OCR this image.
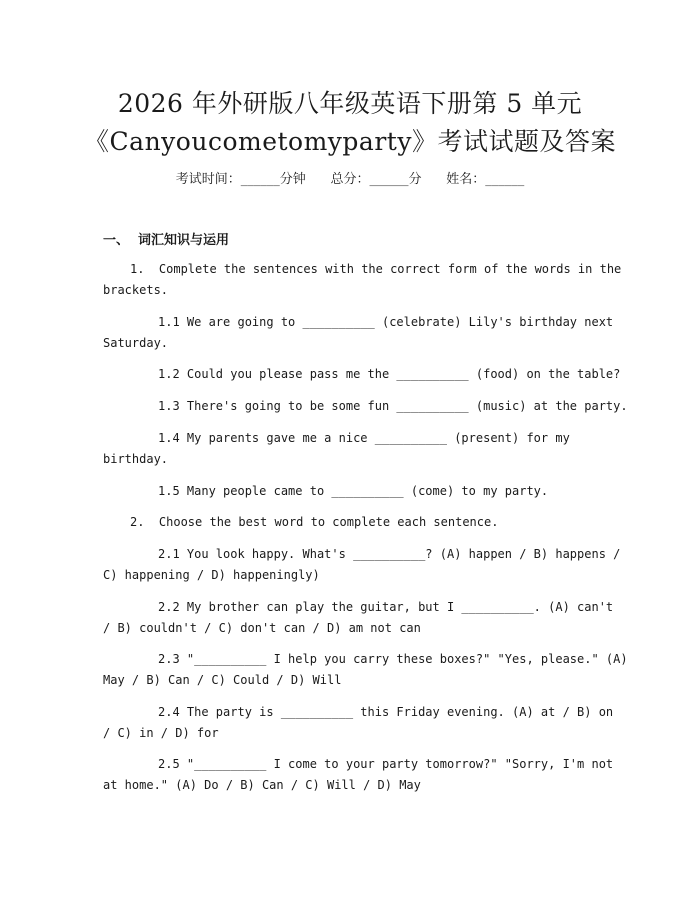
2026 年外研版八年级英语下册第 5 单元
《Canyoucometomyparty》考试试题及答案
考试时间：______分钟      总分：______分      姓名：______
一、  词汇知识与运用
1.  Complete the sentences with the correct form of the words in the
brackets.
1.1 We are going to __________ (celebrate) Lily's birthday next
Saturday.
1.2 Could you please pass me the __________ (food) on the table?
1.3 There's going to be some fun __________ (music) at the party.
1.4 My parents gave me a nice __________ (present) for my
birthday.
1.5 Many people came to __________ (come) to my party.
2.  Choose the best word to complete each sentence.
2.1 You look happy. What's __________? (A) happen / B) happens /
C) happening / D) happeningly)
2.2 My brother can play the guitar, but I __________. (A) can't
/ B) couldn't / C) don't can / D) am not can
2.3 "__________ I help you carry these boxes?" "Yes, please." (A)
May / B) Can / C) Could / D) Will
2.4 The party is __________ this Friday evening. (A) at / B) on
/ C) in / D) for
2.5 "__________ I come to your party tomorrow?" "Sorry, I'm not
at home." (A) Do / B) Can / C) Will / D) May
